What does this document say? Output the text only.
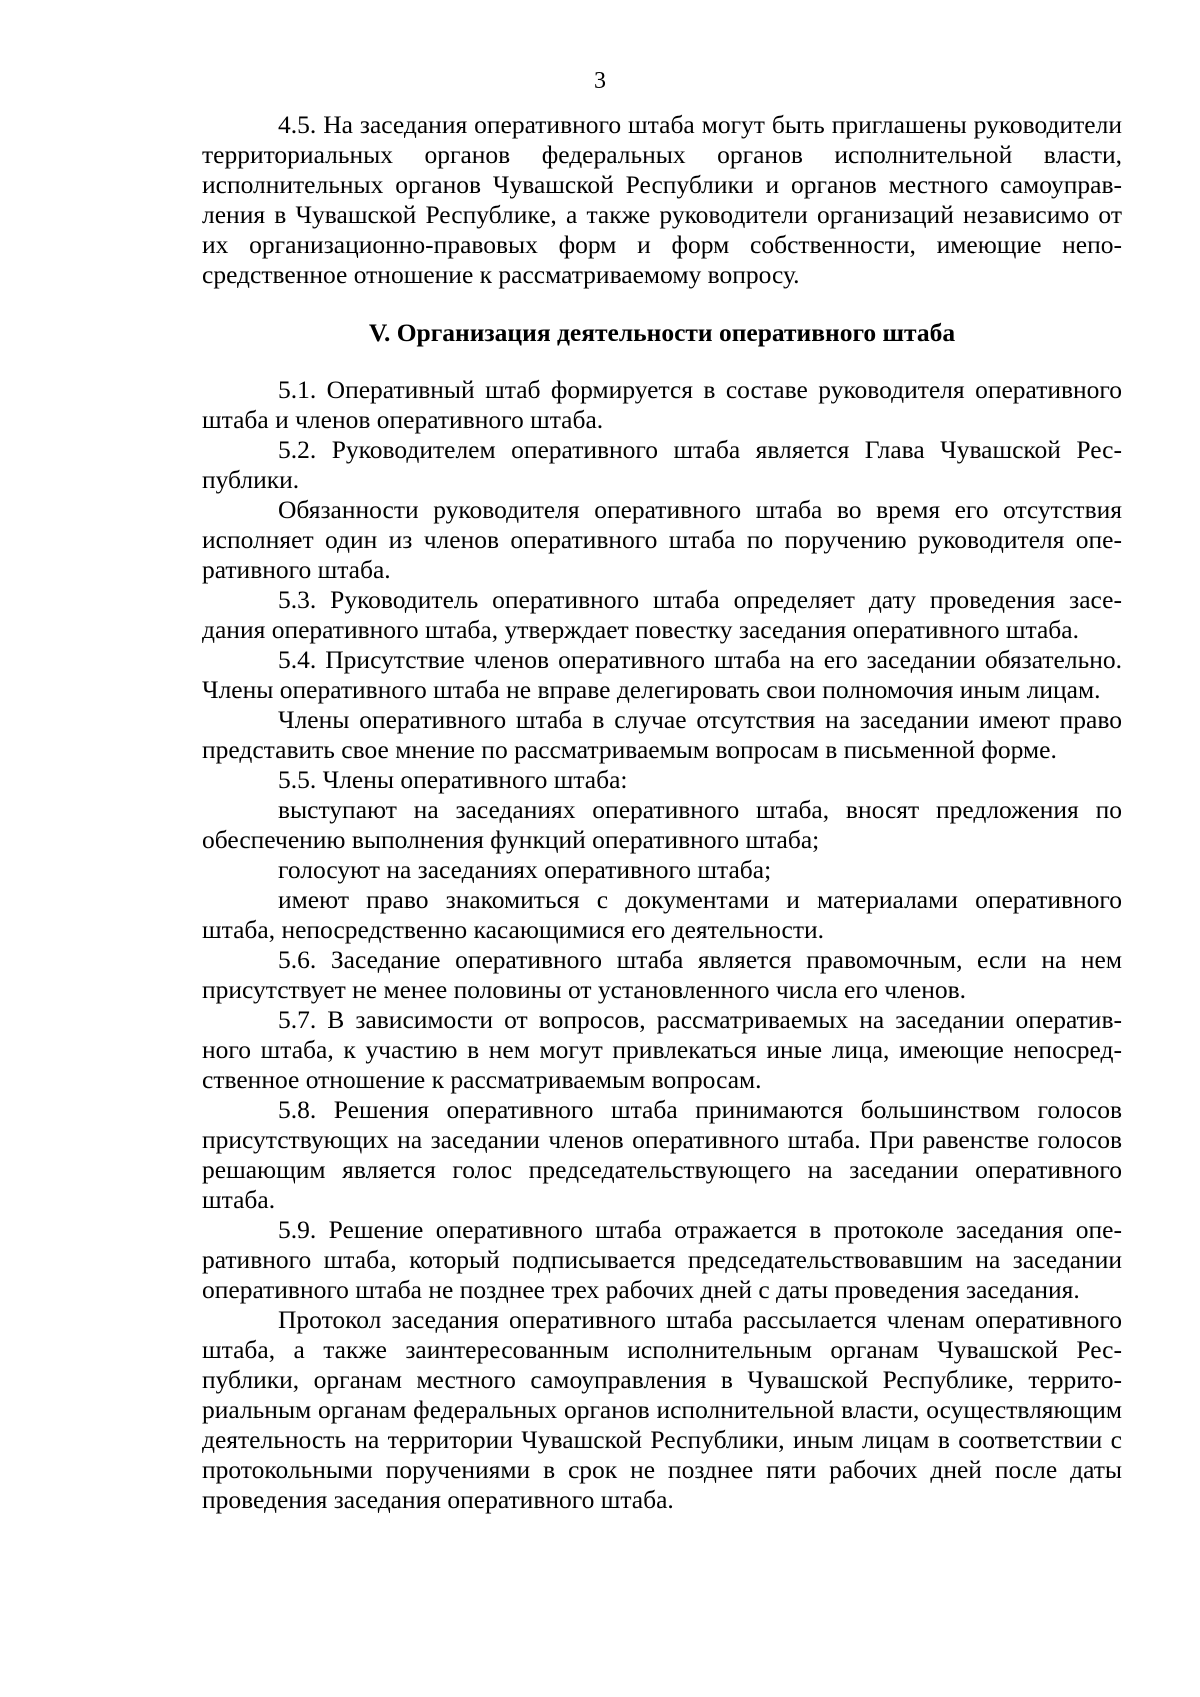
3

4.5. На заседания оперативного штаба могут быть приглашены руководители территориальных органов федеральных органов исполнительной власти, исполнительных органов Чувашской Республики и органов местного самоуправления в Чувашской Республике, а также руководители организаций независимо от их организационно-правовых форм и форм собственности, имеющие непосредственное отношение к рассматриваемому вопросу.

V. Организация деятельности оперативного штаба

5.1. Оперативный штаб формируется в составе руководителя оперативного штаба и членов оперативного штаба.

5.2. Руководителем оперативного штаба является Глава Чувашской Республики.

Обязанности руководителя оперативного штаба во время его отсутствия исполняет один из членов оперативного штаба по поручению руководителя оперативного штаба.

5.3. Руководитель оперативного штаба определяет дату проведения заседания оперативного штаба, утверждает повестку заседания оперативного штаба.

5.4. Присутствие членов оперативного штаба на его заседании обязательно. Члены оперативного штаба не вправе делегировать свои полномочия иным лицам.

Члены оперативного штаба в случае отсутствия на заседании имеют право представить свое мнение по рассматриваемым вопросам в письменной форме.

5.5. Члены оперативного штаба:

выступают на заседаниях оперативного штаба, вносят предложения по обеспечению выполнения функций оперативного штаба;

голосуют на заседаниях оперативного штаба;

имеют право знакомиться с документами и материалами оперативного штаба, непосредственно касающимися его деятельности.

5.6. Заседание оперативного штаба является правомочным, если на нем присутствует не менее половины от установленного числа его членов.

5.7. В зависимости от вопросов, рассматриваемых на заседании оперативного штаба, к участию в нем могут привлекаться иные лица, имеющие непосредственное отношение к рассматриваемым вопросам.

5.8. Решения оперативного штаба принимаются большинством голосов присутствующих на заседании членов оперативного штаба. При равенстве голосов решающим является голос председательствующего на заседании оперативного штаба.

5.9. Решение оперативного штаба отражается в протоколе заседания оперативного штаба, который подписывается председательствовавшим на заседании оперативного штаба не позднее трех рабочих дней с даты проведения заседания.

Протокол заседания оперативного штаба рассылается членам оперативного штаба, а также заинтересованным исполнительным органам Чувашской Республики, органам местного самоуправления в Чувашской Республике, территориальным органам федеральных органов исполнительной власти, осуществляющим деятельность на территории Чувашской Республики, иным лицам в соответствии с протокольными поручениями в срок не позднее пяти рабочих дней после даты проведения заседания оперативного штаба.
